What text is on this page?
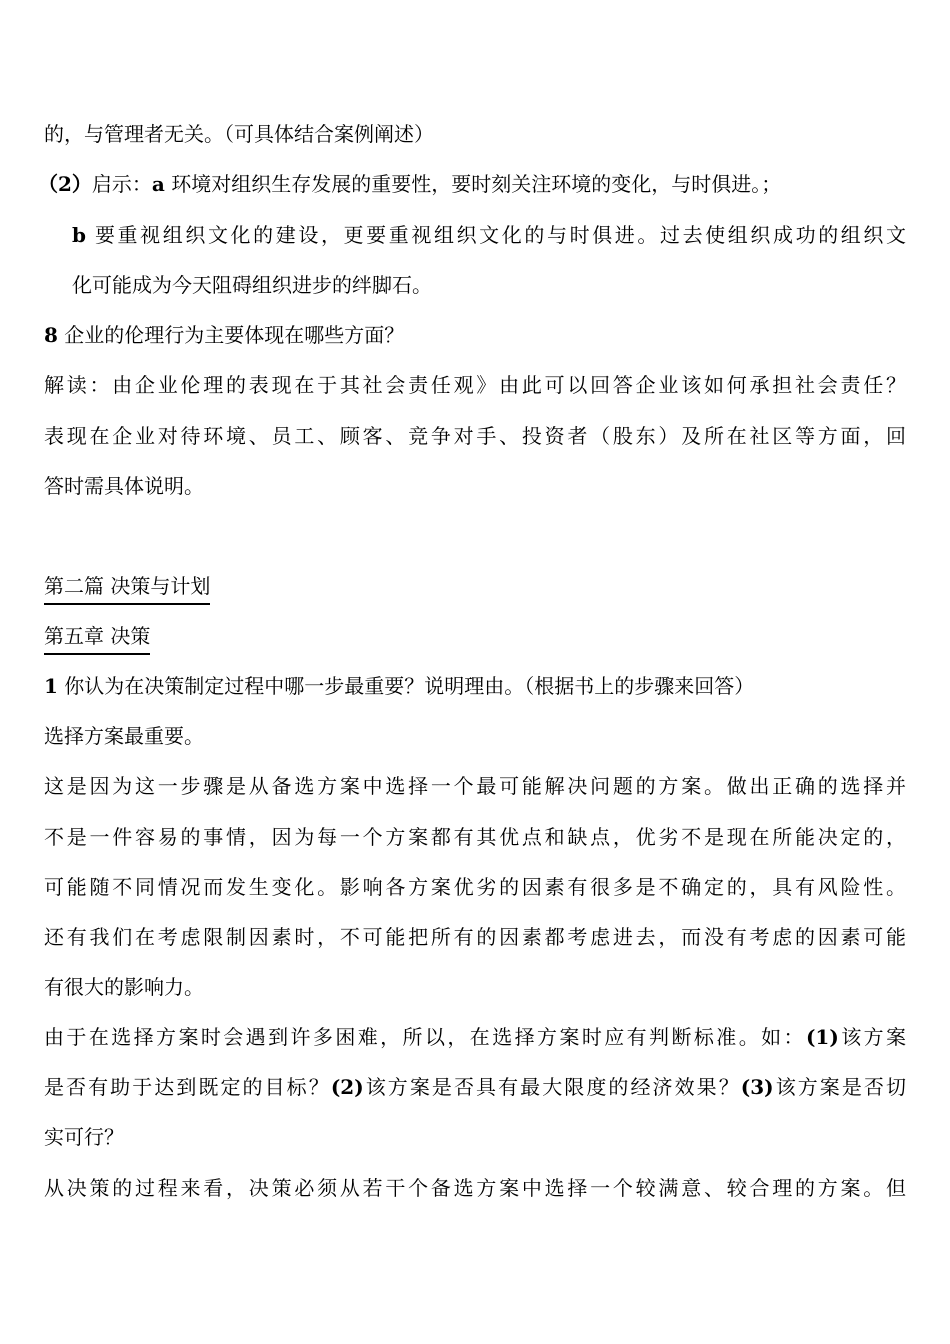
的，与管理者无关。（可具体结合案例阐述）
（2）启示：a 环境对组织生存发展的重要性，要时刻关注环境的变化，与时俱进。；
b 要重视组织文化的建设，更要重视组织文化的与时俱进。过去使组织成功的组织文
化可能成为今天阻碍组织进步的绊脚石。
8 企业的伦理行为主要体现在哪些方面？
解读：由企业伦理的表现在于其社会责任观》由此可以回答企业该如何承担社会责任？
表现在企业对待环境、员工、顾客、竞争对手、投资者（股东）及所在社区等方面，回
答时需具体说明。
第二篇 决策与计划
第五章 决策
1 你认为在决策制定过程中哪一步最重要？说明理由。（根据书上的步骤来回答）
选择方案最重要。
这是因为这一步骤是从备选方案中选择一个最可能解决问题的方案。做出正确的选择并
不是一件容易的事情，因为每一个方案都有其优点和缺点，优劣不是现在所能决定的，
可能随不同情况而发生变化。影响各方案优劣的因素有很多是不确定的，具有风险性。
还有我们在考虑限制因素时，不可能把所有的因素都考虑进去，而没有考虑的因素可能
有很大的影响力。
由于在选择方案时会遇到许多困难，所以，在选择方案时应有判断标准。如：(1)该方案
是否有助于达到既定的目标？(2)该方案是否具有最大限度的经济效果？(3)该方案是否切
实可行？
从决策的过程来看，决策必须从若干个备选方案中选择一个较满意、较合理的方案。但
